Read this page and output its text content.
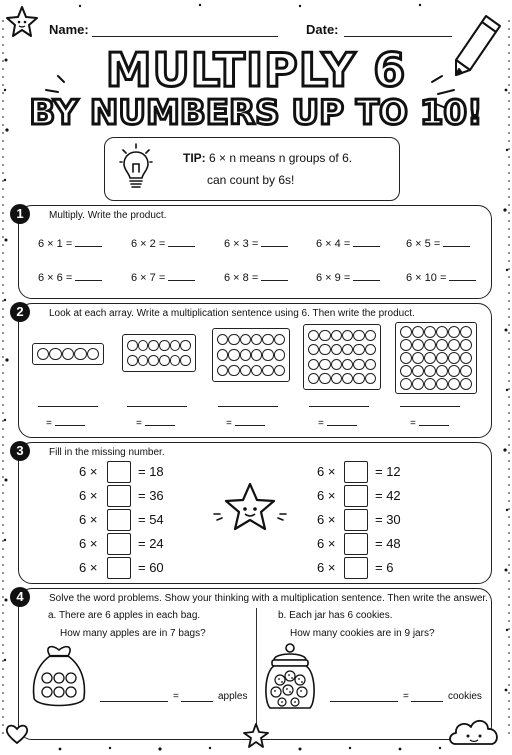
Name:	Date:
MULTIPLY 6
BY NUMBERS UP TO 10!
TIP: 6 × n means n groups of 6.
can count by 6s!
1	Multiply. Write the product.
6 × 1 =	6 × 2 =	6 × 3 =	6 × 4 =	6 × 5 =
6 × 6 =	6 × 7 =	6 × 8 =	6 × 9 =	6 × 10 =
2	Look at each array. Write a multiplication sentence using 6. Then write the product.
=	=	=	=	=
3	Fill in the missing number.
6 ×	= 18
6 ×	= 36
6 ×	= 54
6 ×	= 24
6 ×	= 60
6 ×	= 12
6 ×	= 42
6 ×	= 30
6 ×	= 48
6 ×	= 6
4	Solve the word problems. Show your thinking with a multiplication sentence. Then write the answer.
a. There are 6 apples in each bag.
How many apples are in 7 bags?
b. Each jar has 6 cookies.
How many cookies are in 9 jars?
=	apples	=	cookies
